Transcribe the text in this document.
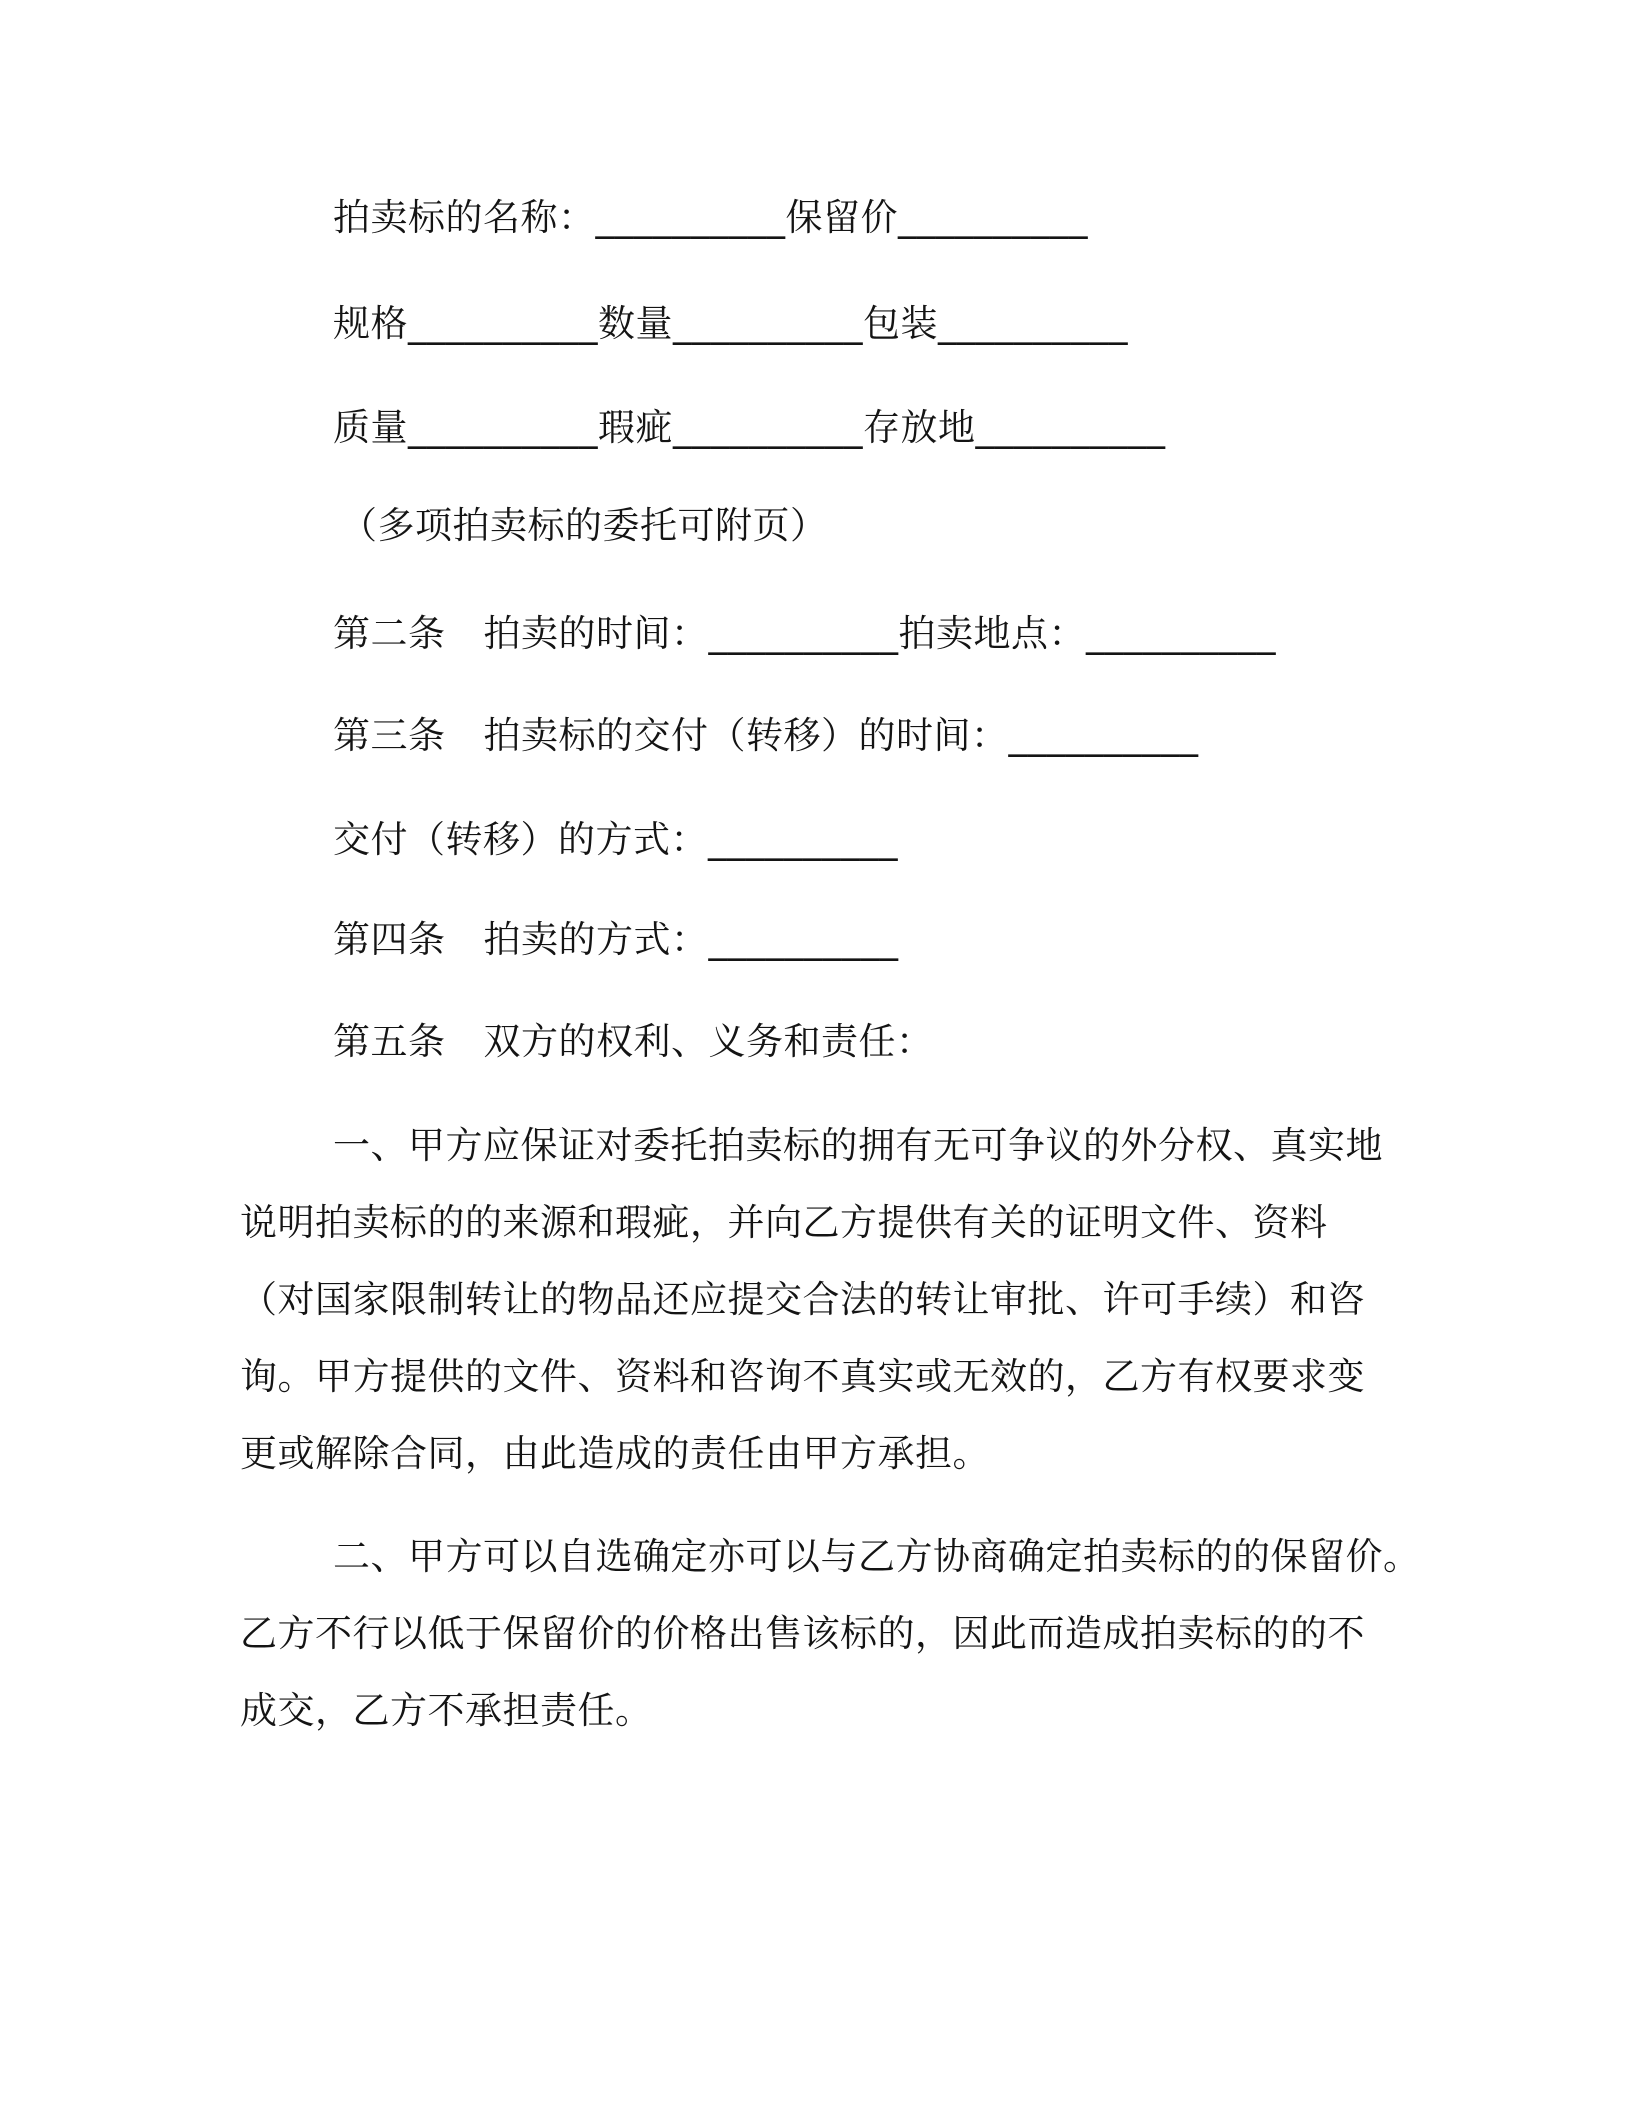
拍卖标的名称：__________保留价__________
规格__________数量__________包装__________
质量__________瑕疵__________存放地__________
（多项拍卖标的委托可附页）
第二条 拍卖的时间：__________拍卖地点：__________
第三条 拍卖标的交付（转移）的时间：__________
交付（转移）的方式：__________
第四条 拍卖的方式：__________
第五条 双方的权利、义务和责任：
一、甲方应保证对委托拍卖标的拥有无可争议的外分权、真实地
说明拍卖标的的来源和瑕疵，并向乙方提供有关的证明文件、资料
（对国家限制转让的物品还应提交合法的转让审批、许可手续）和咨
询。甲方提供的文件、资料和咨询不真实或无效的，乙方有权要求变
更或解除合同，由此造成的责任由甲方承担。
二、甲方可以自选确定亦可以与乙方协商确定拍卖标的的保留价。
乙方不行以低于保留价的价格出售该标的，因此而造成拍卖标的的不
成交，乙方不承担责任。
